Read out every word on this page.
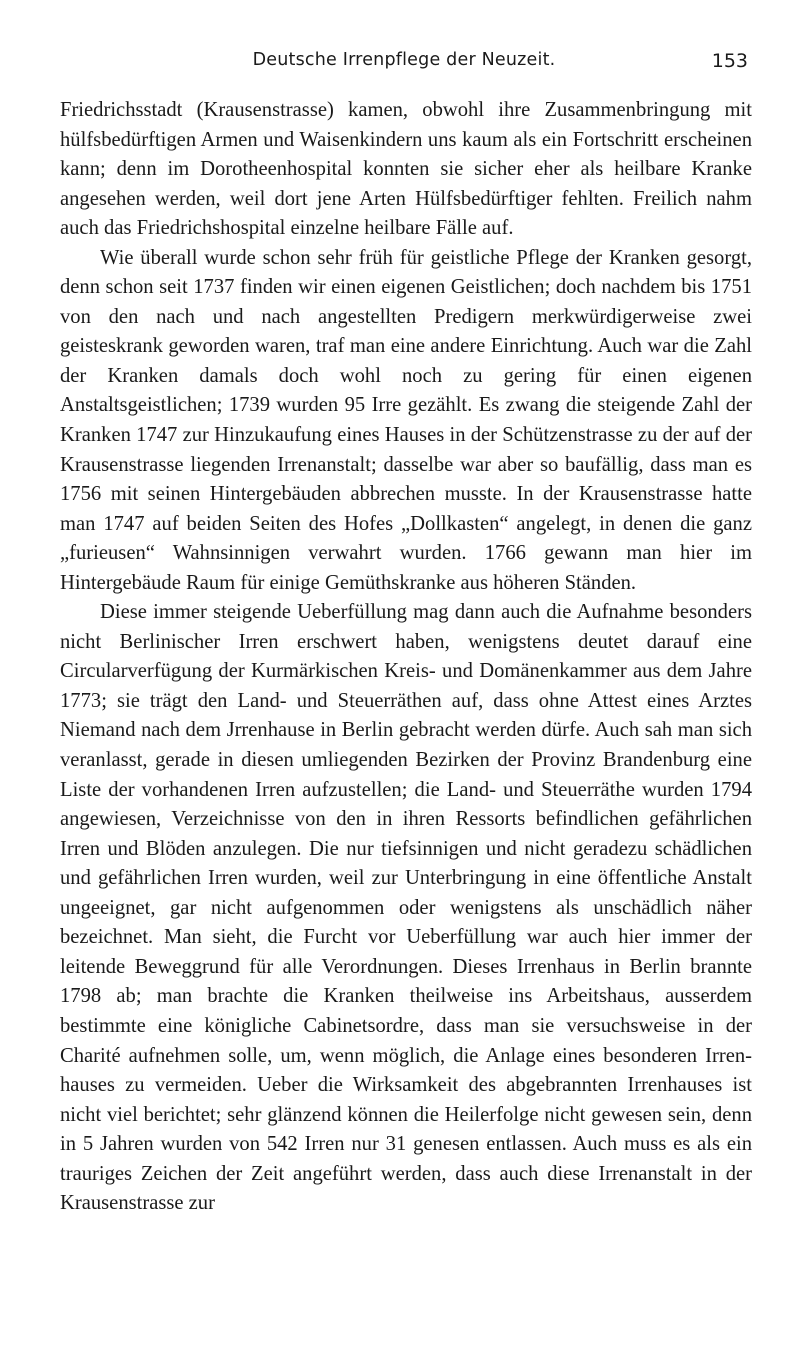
Deutsche Irrenpflege der Neuzeit.	153

Friedrichsstadt (Krausenstrasse) kamen, obwohl ihre Zusammenbringung mit hülfsbedürftigen Armen und Waisenkindern uns kaum als ein Fortschritt erscheinen kann; denn im Dorotheenhospital konnten sie sicher eher als heilbare Kranke angesehen werden, weil dort jene Arten Hülfsbedürftiger fehlten. Freilich nahm auch das Friedrichshospital einzelne heilbare Fälle auf.

Wie überall wurde schon sehr früh für geistliche Pflege der Kranken gesorgt, denn schon seit 1737 finden wir einen eigenen Geistlichen; doch nachdem bis 1751 von den nach und nach angestellten Predigern merkwürdigerweise zwei geisteskrank geworden waren, traf man eine andere Einrichtung. Auch war die Zahl der Kranken damals doch wohl noch zu gering für einen eigenen Anstaltsgeistlichen; 1739 wurden 95 Irre gezählt. Es zwang die steigende Zahl der Kranken 1747 zur Hinzukaufung eines Hauses in der Schützenstrasse zu der auf der Krausenstrasse liegenden Irrenanstalt; dasselbe war aber so baufällig, dass man es 1756 mit seinen Hintergebäuden abbrechen musste. In der Krausenstrasse hatte man 1747 auf beiden Seiten des Hofes „Dollkasten“ angelegt, in denen die ganz „furieusen“ Wahnsinnigen verwahrt wurden. 1766 gewann man hier im Hintergebäude Raum für einige Gemüthskranke aus höheren Ständen.

Diese immer steigende Ueberfüllung mag dann auch die Aufnahme besonders nicht Berlinischer Irren erschwert haben, wenigstens deutet darauf eine Circularverfügung der Kurmärkischen Kreis- und Domänenkammer aus dem Jahre 1773; sie trägt den Land- und Steuerräthen auf, dass ohne Attest eines Arztes Niemand nach dem Jrrenhause in Berlin gebracht werden dürfe. Auch sah man sich veranlasst, gerade in diesen umliegenden Bezirken der Provinz Brandenburg eine Liste der vorhandenen Irren aufzustellen; die Land- und Steuerräthe wurden 1794 angewiesen, Verzeichnisse von den in ihren Ressorts befindlichen gefährlichen Irren und Blöden anzulegen. Die nur tiefsinnigen und nicht geradezu schädlichen und gefährlichen Irren wurden, weil zur Unterbringung in eine öffentliche Anstalt ungeeignet, gar nicht aufgenommen oder wenigstens als unschädlich näher bezeichnet. Man sieht, die Furcht vor Ueberfüllung war auch hier immer der leitende Beweggrund für alle Verordnungen. Dieses Irrenhaus in Berlin brannte 1798 ab; man brachte die Kranken theilweise ins Arbeitshaus, ausserdem bestimmte eine königliche Cabinetsordre, dass man sie versuchsweise in der Charité aufnehmen solle, um, wenn möglich, die Anlage eines besonderen Irrenhauses zu vermeiden. Ueber die Wirksamkeit des abgebrannten Irrenhauses ist nicht viel berichtet; sehr glänzend können die Heilerfolge nicht gewesen sein, denn in 5 Jahren wurden von 542 Irren nur 31 genesen entlassen. Auch muss es als ein trauriges Zeichen der Zeit angeführt werden, dass auch diese Irrenanstalt in der Krausenstrasse zur
